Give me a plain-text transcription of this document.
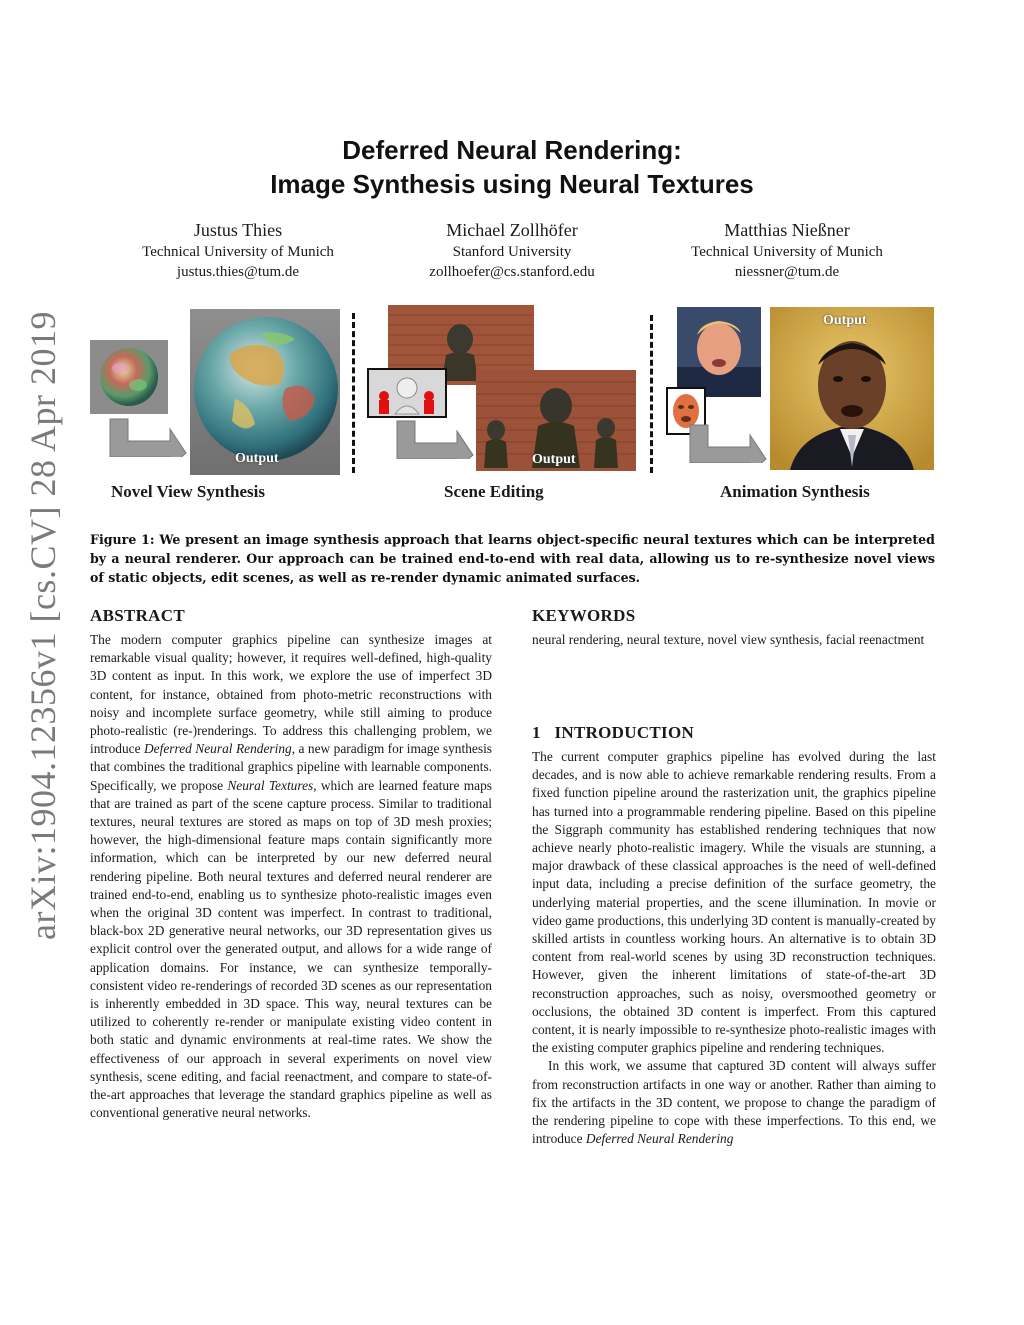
arXiv:1904.12356v1 [cs.CV] 28 Apr 2019
Deferred Neural Rendering:
Image Synthesis using Neural Textures
Justus Thies
Technical University of Munich
justus.thies@tum.de
Michael Zollhöfer
Stanford University
zollhoefer@cs.stanford.edu
Matthias Nießner
Technical University of Munich
niessner@tum.de
Output	Output
Output
Novel View Synthesis	Scene Editing	Animation Synthesis
Figure 1: We present an image synthesis approach that learns object-specific neural textures which can be interpreted by a neural renderer. Our approach can be trained end-to-end with real data, allowing us to re-synthesize novel views of static objects, edit scenes, as well as re-render dynamic animated surfaces.
ABSTRACT

The modern computer graphics pipeline can synthesize images at remarkable visual quality; however, it requires well-defined, high-quality 3D content as input. In this work, we explore the use of imperfect 3D content, for instance, obtained from photo-metric reconstructions with noisy and incomplete surface geometry, while still aiming to produce photo-realistic (re-)renderings. To address this challenging problem, we introduce Deferred Neural Rendering, a new paradigm for image synthesis that combines the traditional graphics pipeline with learnable components. Specifically, we propose Neural Textures, which are learned feature maps that are trained as part of the scene capture process. Similar to traditional textures, neural textures are stored as maps on top of 3D mesh proxies; however, the high-dimensional feature maps contain significantly more information, which can be interpreted by our new deferred neural rendering pipeline. Both neural textures and deferred neural renderer are trained end-to-end, enabling us to synthesize photo-realistic images even when the original 3D content was imperfect. In contrast to traditional, black-box 2D generative neural networks, our 3D representation gives us explicit control over the generated output, and allows for a wide range of application domains. For instance, we can synthesize temporally-consistent video re-renderings of recorded 3D scenes as our representation is inherently embedded in 3D space. This way, neural textures can be utilized to coherently re-render or manipulate existing video content in both static and dynamic environments at real-time rates. We show the effectiveness of our approach in several experiments on novel view synthesis, scene editing, and facial reenactment, and compare to state-of-the-art approaches that leverage the standard graphics pipeline as well as conventional generative neural networks.

KEYWORDS
neural rendering, neural texture, novel view synthesis, facial reenactment
1   INTRODUCTION

The current computer graphics pipeline has evolved during the last decades, and is now able to achieve remarkable rendering results. From a fixed function pipeline around the rasterization unit, the graphics pipeline has turned into a programmable rendering pipeline. Based on this pipeline the Siggraph community has established rendering techniques that now achieve nearly photo-realistic imagery. While the visuals are stunning, a major drawback of these classical approaches is the need of well-defined input data, including a precise definition of the surface geometry, the underlying material properties, and the scene illumination. In movie or video game productions, this underlying 3D content is manually-created by skilled artists in countless working hours. An alternative is to obtain 3D content from real-world scenes by using 3D reconstruction techniques. However, given the inherent limitations of state-of-the-art 3D reconstruction approaches, such as noisy, oversmoothed geometry or occlusions, the obtained 3D content is imperfect. From this captured content, it is nearly impossible to re-synthesize photo-realistic images with the existing computer graphics pipeline and rendering techniques.

In this work, we assume that captured 3D content will always suffer from reconstruction artifacts in one way or another. Rather than aiming to fix the artifacts in the 3D content, we propose to change the paradigm of the rendering pipeline to cope with these imperfections. To this end, we introduce Deferred Neural Rendering
